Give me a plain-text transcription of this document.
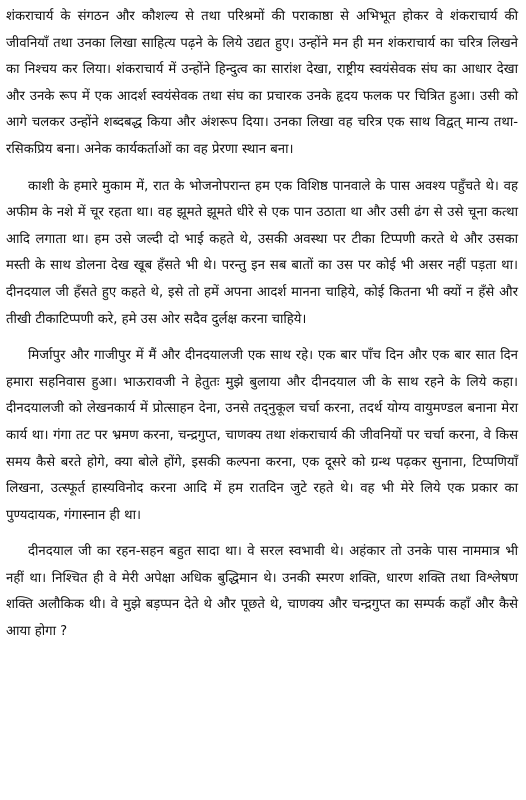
शंकराचार्य के संगठन और कौशल्य से तथा परिश्रमों की पराकाष्ठा से अभिभूत होकर वे शंकराचार्य की जीवनियाँ तथा उनका लिखा साहित्य पढ़ने के लिये उद्यत हुए। उन्होंने मन ही मन शंकराचार्य का चरित्र लिखने का निश्चय कर लिया। शंकराचार्य में उन्होंने हिन्दुत्व का सारांश देखा, राष्ट्रीय स्वयंसेवक संघ का आधार देखा और उनके रूप में एक आदर्श स्वयंसेवक तथा संघ का प्रचारक उनके हृदय फलक पर चित्रित हुआ। उसी को आगे चलकर उन्होंने शब्दबद्ध किया और अंशरूप दिया। उनका लिखा वह चरित्र एक साथ विद्वत् मान्य तथा- रसिकप्रिय बना। अनेक कार्यकर्ताओं का वह प्रेरणा स्थान बना।

काशी के हमारे मुकाम में, रात के भोजनोपरान्त हम एक विशिष्ठ पानवाले के पास अवश्य पहुँचते थे। वह अफीम के नशे में चूर रहता था। वह झूमते झूमते धीरे से एक पान उठाता था और उसी ढंग से उसे चूना कत्था आदि लगाता था। हम उसे जल्दी दो भाई कहते थे, उसकी अवस्था पर टीका टिप्पणी करते थे और उसका मस्ती के साथ डोलना देख खूब हँसते भी थे। परन्तु इन सब बातों का उस पर कोई भी असर नहीं पड़ता था। दीनदयाल जी हँसते हुए कहते थे, इसे तो हमें अपना आदर्श मानना चाहिये, कोई कितना भी क्यों न हँसे और तीखी टीकाटिप्पणी करे, हमे उस ओर सदैव दुर्लक्ष करना चाहिये।

मिर्जापुर और गाजीपुर में मैं और दीनदयालजी एक साथ रहे। एक बार पाँच दिन और एक बार सात दिन हमारा सहनिवास हुआ। भाऊरावजी ने हेतुतः मुझे बुलाया और दीनदयाल जी के साथ रहने के लिये कहा। दीनदयालजी को लेखनकार्य में प्रोत्साहन देना, उनसे तद्नुकूल चर्चा करना, तदर्थ योग्य वायुमण्डल बनाना मेरा कार्य था। गंगा तट पर भ्रमण करना, चन्द्रगुप्त, चाणक्य तथा शंकराचार्य की जीवनियों पर चर्चा करना, वे किस समय कैसे बरते होगे, क्या बोले होंगे, इसकी कल्पना करना, एक दूसरे को ग्रन्थ पढ़कर सुनाना, टिप्पणियाँ लिखना, उत्स्फूर्त हास्यविनोद करना आदि में हम रातदिन जुटे रहते थे। वह भी मेरे लिये एक प्रकार का पुण्यदायक, गंगास्नान ही था।

दीनदयाल जी का रहन-सहन बहुत सादा था। वे सरल स्वभावी थे। अहंकार तो उनके पास नाममात्र भी नहीं था। निश्चित ही वे मेरी अपेक्षा अधिक बुद्धिमान थे। उनकी स्मरण शक्ति, धारण शक्ति तथा विश्लेषण शक्ति अलौकिक थी। वे मुझे बड़प्पन देते थे और पूछते थे, चाणक्य और चन्द्रगुप्त का सम्पर्क कहाँ और कैसे आया होगा ?
